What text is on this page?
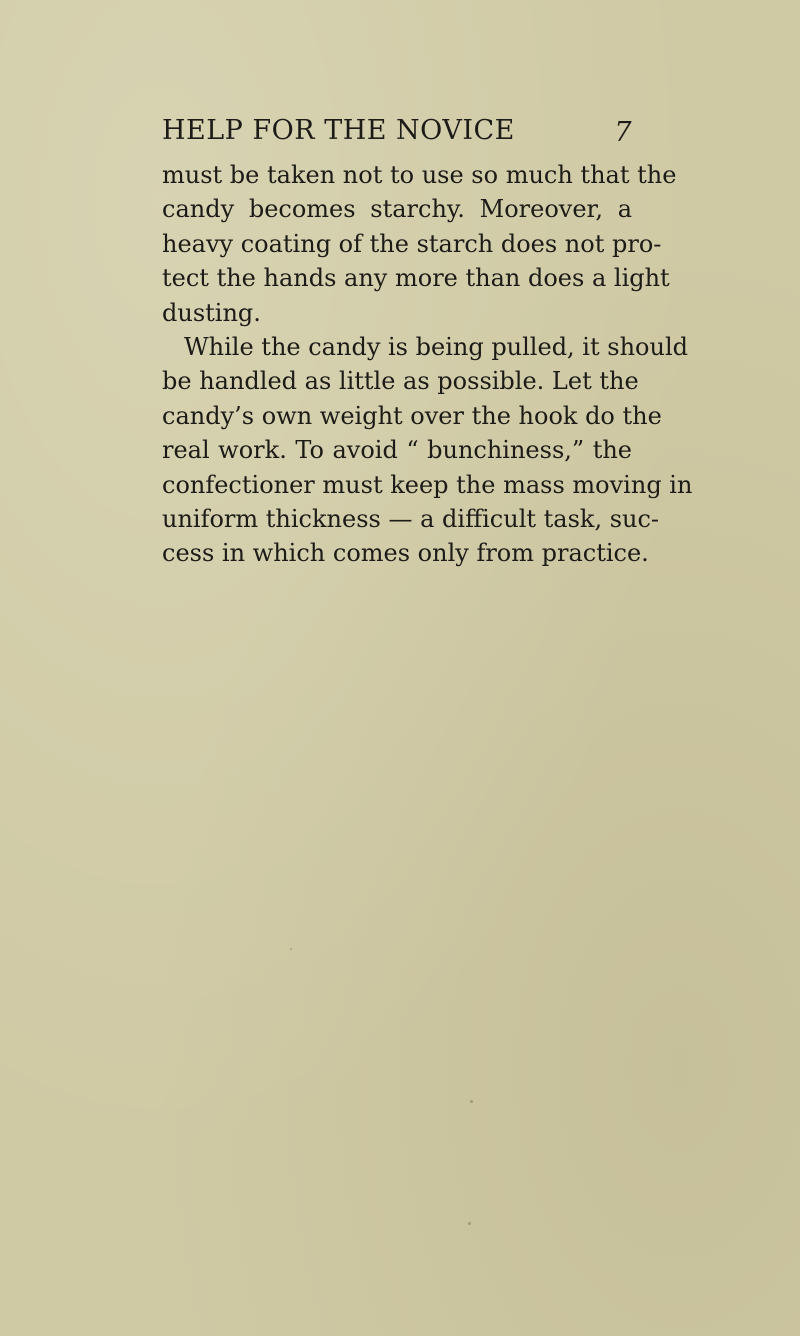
HELP FOR THE NOVICE	7
must be taken not to use so much that the
candy becomes starchy. Moreover, a
heavy coating of the starch does not pro-
tect the hands any more than does a light
dusting.
While the candy is being pulled, it should
be handled as little as possible. Let the
candy’s own weight over the hook do the
real work. To avoid “ bunchiness,” the
confectioner must keep the mass moving in
uniform thickness — a difficult task, suc-
cess in which comes only from practice.
